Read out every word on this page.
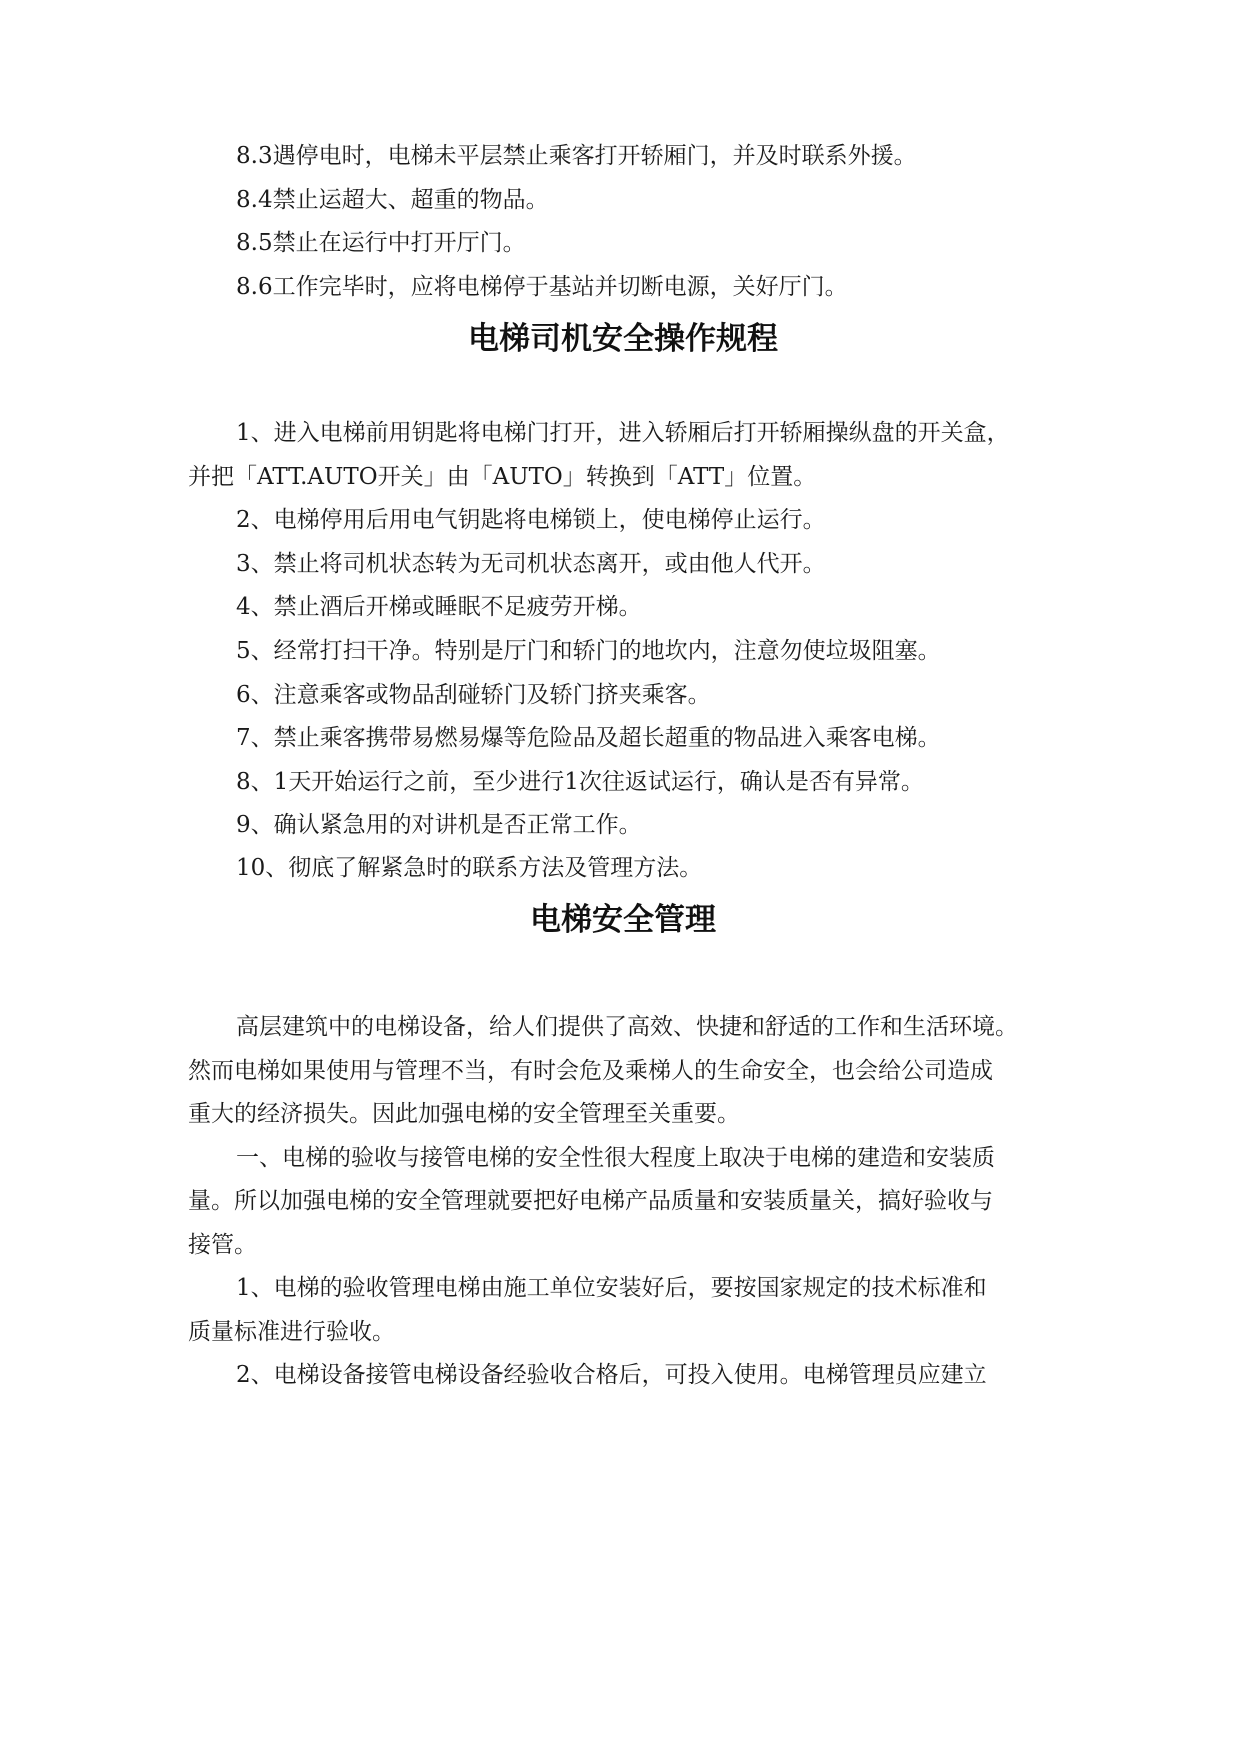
8.3遇停电时，电梯未平层禁止乘客打开轿厢门，并及时联系外援。
8.4禁止运超大、超重的物品。
8.5禁止在运行中打开厅门。
8.6工作完毕时，应将电梯停于基站并切断电源，关好厅门。
电梯司机安全操作规程
1、进入电梯前用钥匙将电梯门打开，进入轿厢后打开轿厢操纵盘的开关盒，
并把「ATT.AUTO开关」由「AUTO」转换到「ATT」位置。
2、电梯停用后用电气钥匙将电梯锁上，使电梯停止运行。
3、禁止将司机状态转为无司机状态离开，或由他人代开。
4、禁止酒后开梯或睡眠不足疲劳开梯。
5、经常打扫干净。特别是厅门和轿门的地坎内，注意勿使垃圾阻塞。
6、注意乘客或物品刮碰轿门及轿门挤夹乘客。
7、禁止乘客携带易燃易爆等危险品及超长超重的物品进入乘客电梯。
8、1天开始运行之前，至少进行1次往返试运行，确认是否有异常。
9、确认紧急用的对讲机是否正常工作。
10、彻底了解紧急时的联系方法及管理方法。
电梯安全管理
高层建筑中的电梯设备，给人们提供了高效、快捷和舒适的工作和生活环境。
然而电梯如果使用与管理不当，有时会危及乘梯人的生命安全，也会给公司造成
重大的经济损失。因此加强电梯的安全管理至关重要。
一、电梯的验收与接管电梯的安全性很大程度上取决于电梯的建造和安装质
量。所以加强电梯的安全管理就要把好电梯产品质量和安装质量关，搞好验收与
接管。
1、电梯的验收管理电梯由施工单位安装好后，要按国家规定的技术标准和
质量标准进行验收。
2、电梯设备接管电梯设备经验收合格后，可投入使用。电梯管理员应建立
